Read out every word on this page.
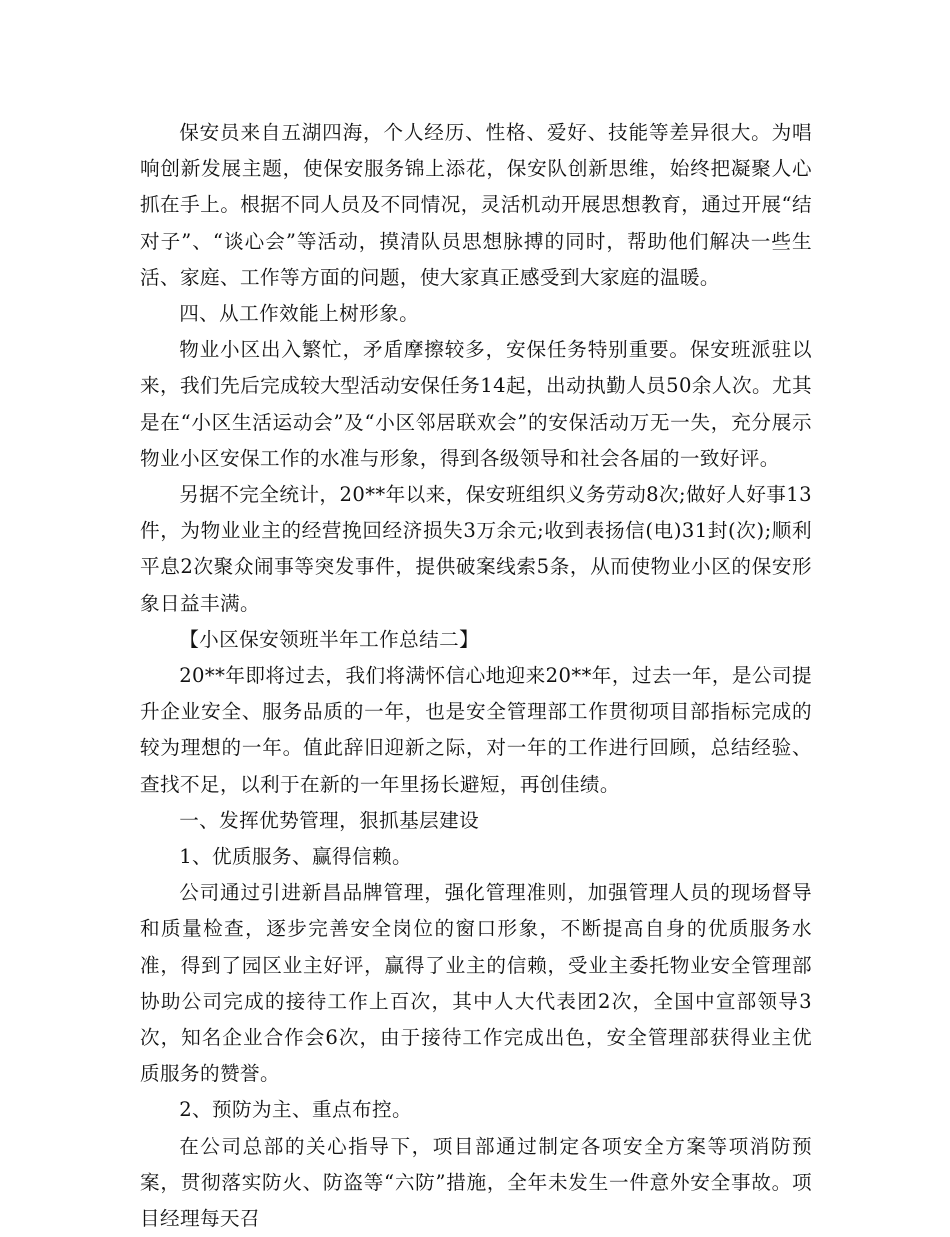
保安员来自五湖四海，个人经历、性格、爱好、技能等差异很大。为唱响创新发展主题，使保安服务锦上添花，保安队创新思维，始终把凝聚人心抓在手上。根据不同人员及不同情况，灵活机动开展思想教育，通过开展“结对子”、“谈心会”等活动，摸清队员思想脉搏的同时，帮助他们解决一些生活、家庭、工作等方面的问题，使大家真正感受到大家庭的温暖。

四、从工作效能上树形象。

物业小区出入繁忙，矛盾摩擦较多，安保任务特别重要。保安班派驻以来，我们先后完成较大型活动安保任务14起，出动执勤人员50余人次。尤其是在“小区生活运动会”及“小区邻居联欢会”的安保活动万无一失，充分展示物业小区安保工作的水准与形象，得到各级领导和社会各届的一致好评。

另据不完全统计，20**年以来，保安班组织义务劳动8次;做好人好事13件，为物业业主的经营挽回经济损失3万余元;收到表扬信(电)31封(次);顺利平息2次聚众闹事等突发事件，提供破案线索5条，从而使物业小区的保安形象日益丰满。

【小区保安领班半年工作总结二】

20**年即将过去，我们将满怀信心地迎来20**年，过去一年，是公司提升企业安全、服务品质的一年，也是安全管理部工作贯彻项目部指标完成的较为理想的一年。值此辞旧迎新之际，对一年的工作进行回顾，总结经验、查找不足，以利于在新的一年里扬长避短，再创佳绩。

一、发挥优势管理，狠抓基层建设

1、优质服务、赢得信赖。

公司通过引进新昌品牌管理，强化管理准则，加强管理人员的现场督导和质量检查，逐步完善安全岗位的窗口形象，不断提高自身的优质服务水准，得到了园区业主好评，赢得了业主的信赖，受业主委托物业安全管理部协助公司完成的接待工作上百次，其中人大代表团2次，全国中宣部领导3次，知名企业合作会6次，由于接待工作完成出色，安全管理部获得业主优质服务的赞誉。

2、预防为主、重点布控。

在公司总部的关心指导下，项目部通过制定各项安全方案等项消防预案，贯彻落实防火、防盗等“六防”措施，全年未发生一件意外安全事故。项目经理每天召
